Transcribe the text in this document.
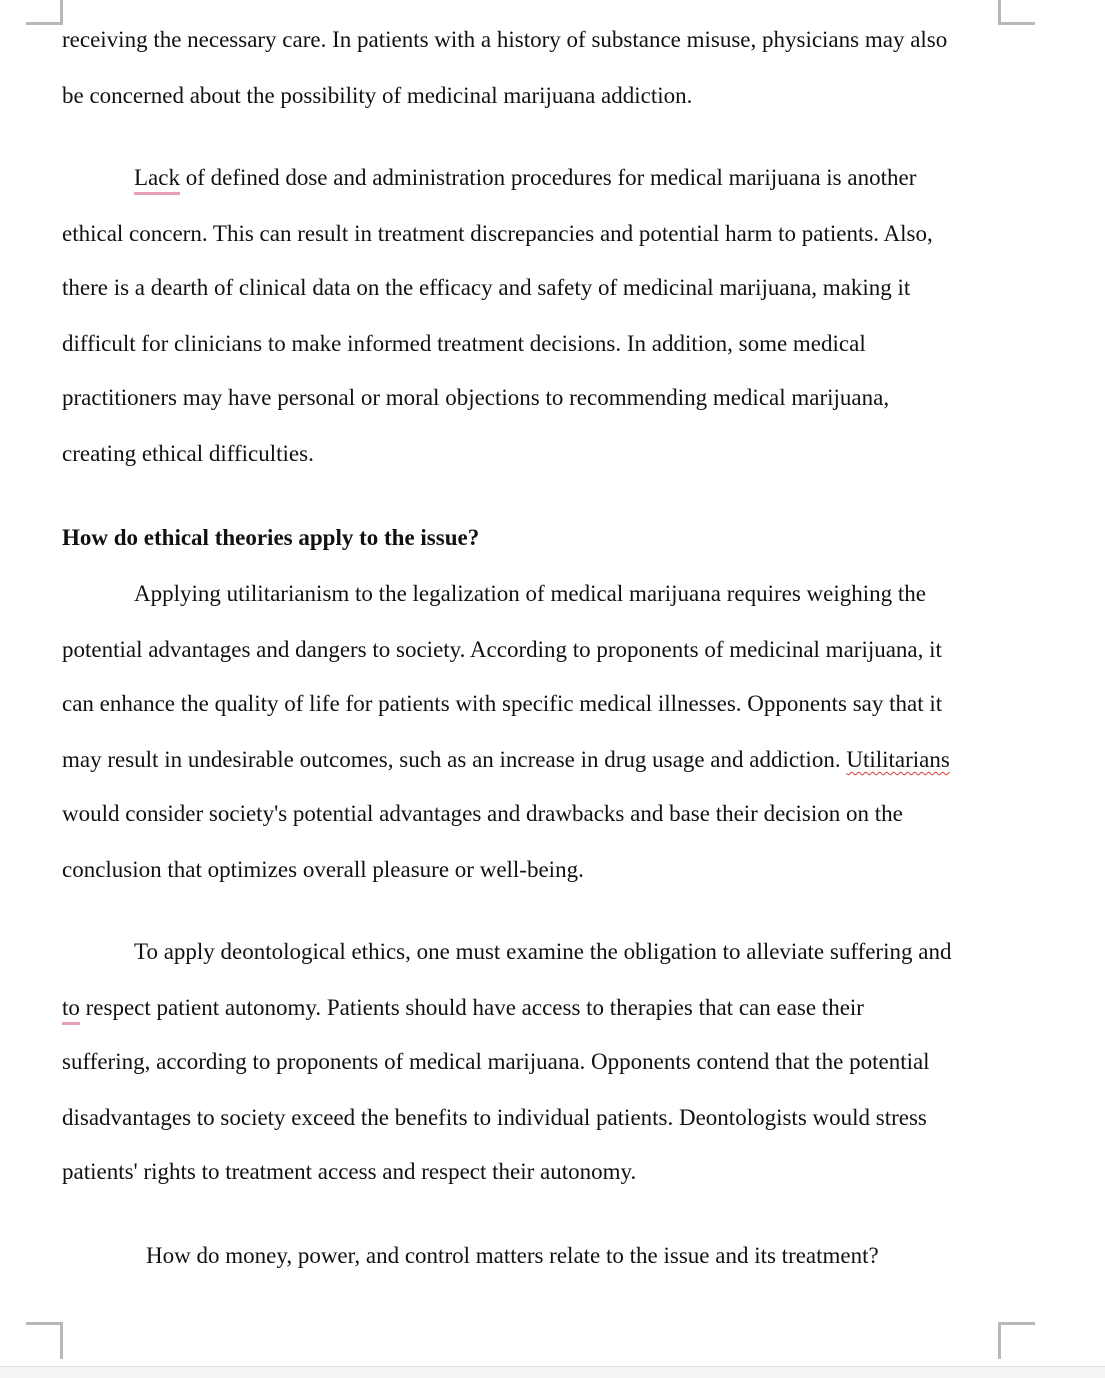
receiving the necessary care. In patients with a history of substance misuse, physicians may also

be concerned about the possibility of medicinal marijuana addiction.

Lack of defined dose and administration procedures for medical marijuana is another

ethical concern. This can result in treatment discrepancies and potential harm to patients. Also,

there is a dearth of clinical data on the efficacy and safety of medicinal marijuana, making it

difficult for clinicians to make informed treatment decisions. In addition, some medical

practitioners may have personal or moral objections to recommending medical marijuana,

creating ethical difficulties.

How do ethical theories apply to the issue?

Applying utilitarianism to the legalization of medical marijuana requires weighing the

potential advantages and dangers to society. According to proponents of medicinal marijuana, it

can enhance the quality of life for patients with specific medical illnesses. Opponents say that it

may result in undesirable outcomes, such as an increase in drug usage and addiction. Utilitarians

would consider society's potential advantages and drawbacks and base their decision on the

conclusion that optimizes overall pleasure or well-being.

To apply deontological ethics, one must examine the obligation to alleviate suffering and

to respect patient autonomy. Patients should have access to therapies that can ease their

suffering, according to proponents of medical marijuana. Opponents contend that the potential

disadvantages to society exceed the benefits to individual patients. Deontologists would stress

patients' rights to treatment access and respect their autonomy.

How do money, power, and control matters relate to the issue and its treatment?
